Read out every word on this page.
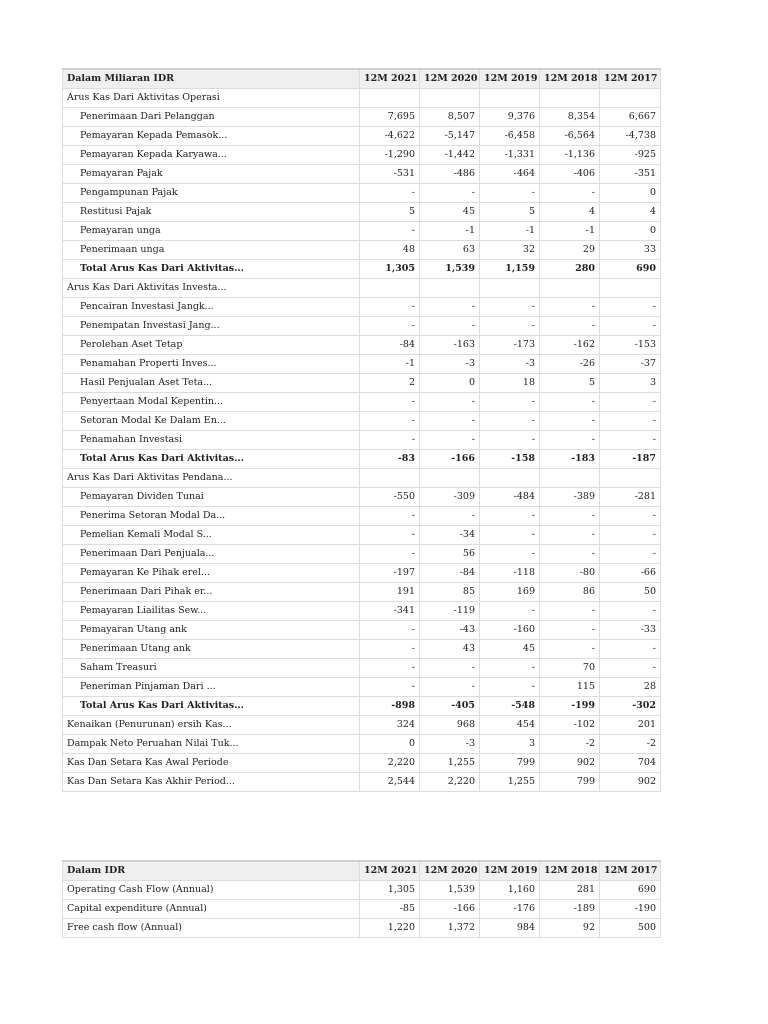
Dalam Miliaran IDR	12M 2021	12M 2020	12M 2019	12M 2018	12M 2017
Arus Kas Dari Aktivitas Operasi					
Penerimaan Dari Pelanggan	7,695	8,507	9,376	8,354	6,667
Pemayaran Kepada Pemasok...	-4,622	-5,147	-6,458	-6,564	-4,738
Pemayaran Kepada Karyawa...	-1,290	-1,442	-1,331	-1,136	-925
Pemayaran Pajak	-531	-486	-464	-406	-351
Pengampunan Pajak	-	-	-	-	0
Restitusi Pajak	5	45	5	4	4
Pemayaran unga	-	-1	-1	-1	0
Penerimaan unga	48	63	32	29	33
Total Arus Kas Dari Aktivitas...	1,305	1,539	1,159	280	690
Arus Kas Dari Aktivitas Investa...					
Pencairan Investasi Jangk...	-	-	-	-	-
Penempatan Investasi Jang...	-	-	-	-	-
Perolehan Aset Tetap	-84	-163	-173	-162	-153
Penamahan Properti Inves...	-1	-3	-3	-26	-37
Hasil Penjualan Aset Teta...	2	0	18	5	3
Penyertaan Modal Kepentin...	-	-	-	-	-
Setoran Modal Ke Dalam En...	-	-	-	-	-
Penamahan Investasi	-	-	-	-	-
Total Arus Kas Dari Aktivitas...	-83	-166	-158	-183	-187
Arus Kas Dari Aktivitas Pendana...					
Pemayaran Dividen Tunai	-550	-309	-484	-389	-281
Penerima Setoran Modal Da...	-	-	-	-	-
Pemelian Kemali Modal S...	-	-34	-	-	-
Penerimaan Dari Penjuala...	-	56	-	-	-
Pemayaran Ke Pihak erel...	-197	-84	-118	-80	-66
Penerimaan Dari Pihak er...	191	85	169	86	50
Pemayaran Liailitas Sew...	-341	-119	-	-	-
Pemayaran Utang ank	-	-43	-160	-	-33
Penerimaan Utang ank	-	43	45	-	-
Saham Treasuri	-	-	-	70	-
Peneriman Pinjaman Dari ...	-	-	-	115	28
Total Arus Kas Dari Aktivitas...	-898	-405	-548	-199	-302
Kenaikan (Penurunan) ersih Kas...	324	968	454	-102	201
Dampak Neto Peruahan Nilai Tuk...	0	-3	3	-2	-2
Kas Dan Setara Kas Awal Periode	2,220	1,255	799	902	704
Kas Dan Setara Kas Akhir Period...	2,544	2,220	1,255	799	902
Dalam IDR	12M 2021	12M 2020	12M 2019	12M 2018	12M 2017
Operating Cash Flow (Annual)	1,305	1,539	1,160	281	690
Capital expenditure (Annual)	-85	-166	-176	-189	-190
Free cash flow (Annual)	1,220	1,372	984	92	500
